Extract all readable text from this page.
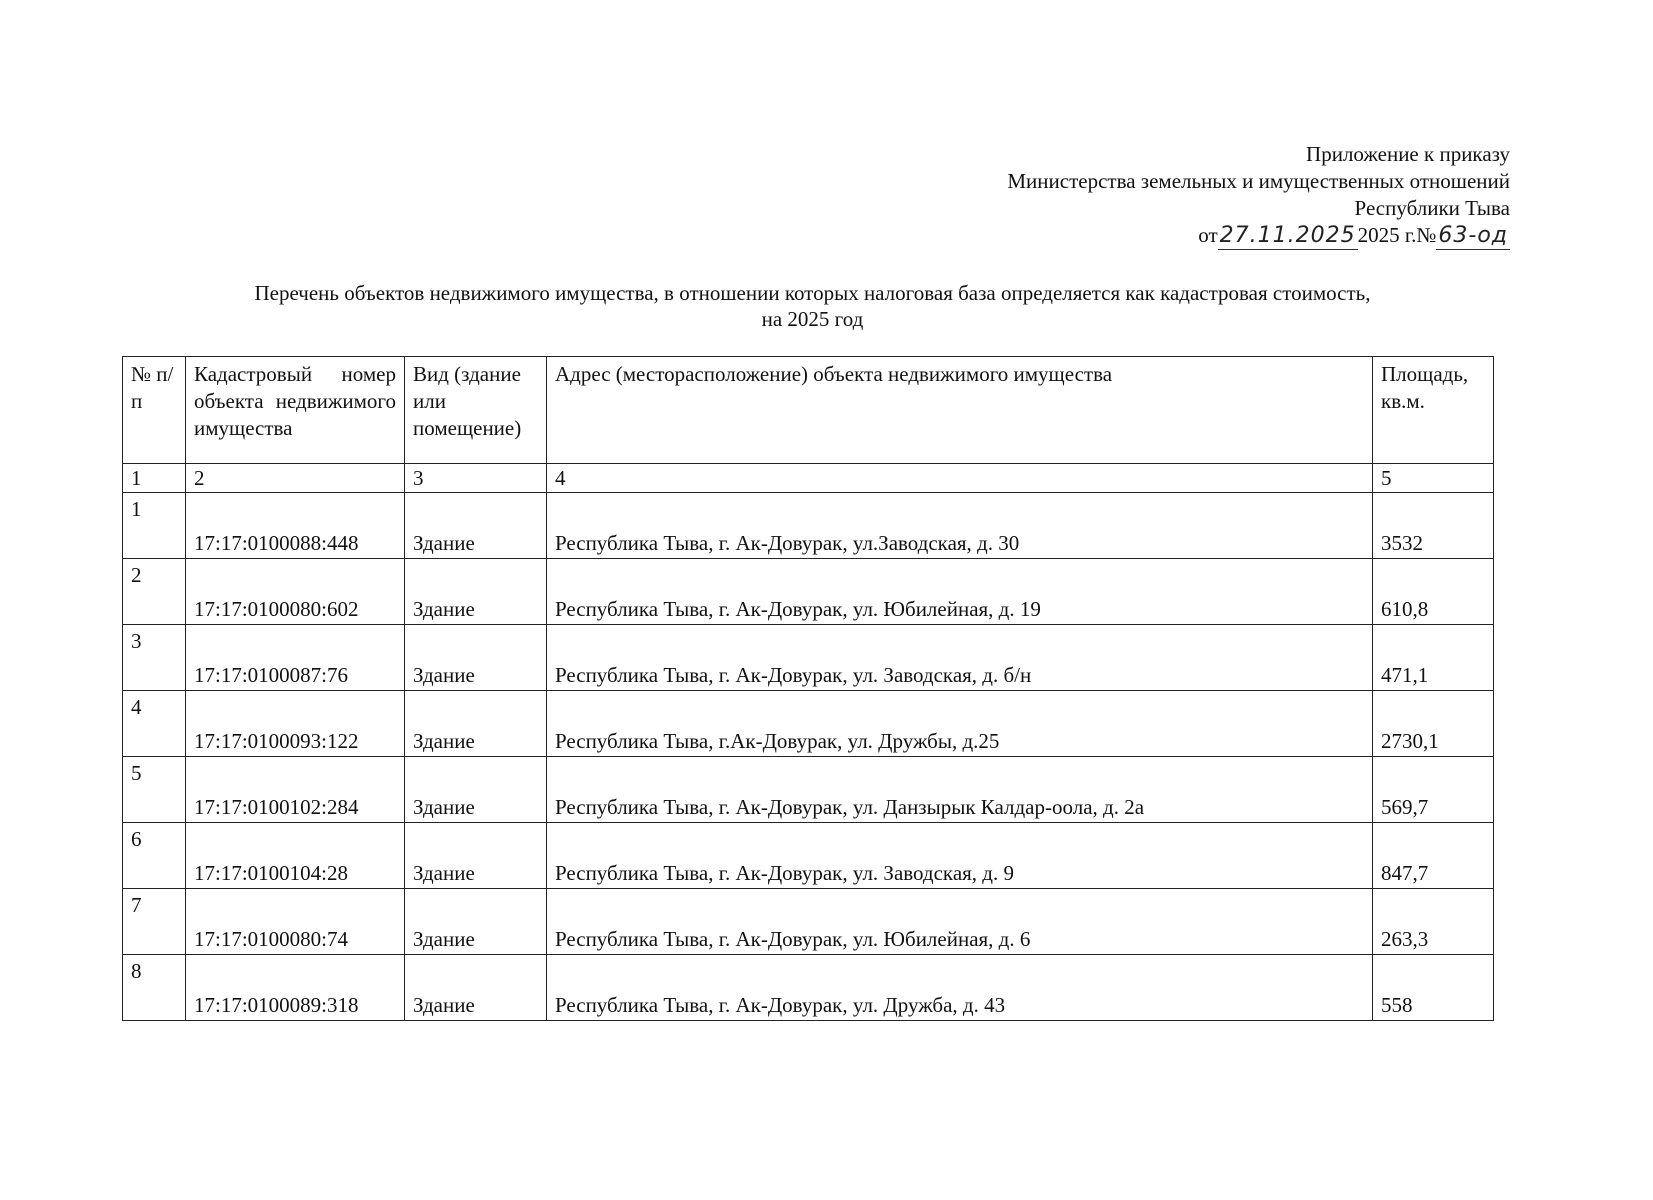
Приложение к приказу
Министерства земельных и имущественных отношений
Республики Тыва
от27.11.20252025 г.№63-од
Перечень объектов недвижимого имущества, в отношении которых налоговая база определяется как кадастровая стоимость,
на 2025 год
№ п/п	Кадастровый номер объекта недвижимого имущества	Вид (здание или помещение)	Адрес (месторасположение) объекта недвижимого имущества	Площадь, кв.м.
1	2	3	4	5
1	17:17:0100088:448	Здание	Республика Тыва, г. Ак-Довурак, ул.Заводская, д. 30	3532
2	17:17:0100080:602	Здание	Республика Тыва, г. Ак-Довурак, ул. Юбилейная, д. 19	610,8
3	17:17:0100087:76	Здание	Республика Тыва, г. Ак-Довурак, ул. Заводская, д. б/н	471,1
4	17:17:0100093:122	Здание	Республика Тыва, г.Ак-Довурак, ул. Дружбы, д.25	2730,1
5	17:17:0100102:284	Здание	Республика Тыва, г. Ак-Довурак, ул. Данзырык Калдар-оола, д. 2а	569,7
6	17:17:0100104:28	Здание	Республика Тыва, г. Ак-Довурак, ул. Заводская, д. 9	847,7
7	17:17:0100080:74	Здание	Республика Тыва, г. Ак-Довурак, ул. Юбилейная, д. 6	263,3
8	17:17:0100089:318	Здание	Республика Тыва, г. Ак-Довурак, ул. Дружба, д. 43	558
